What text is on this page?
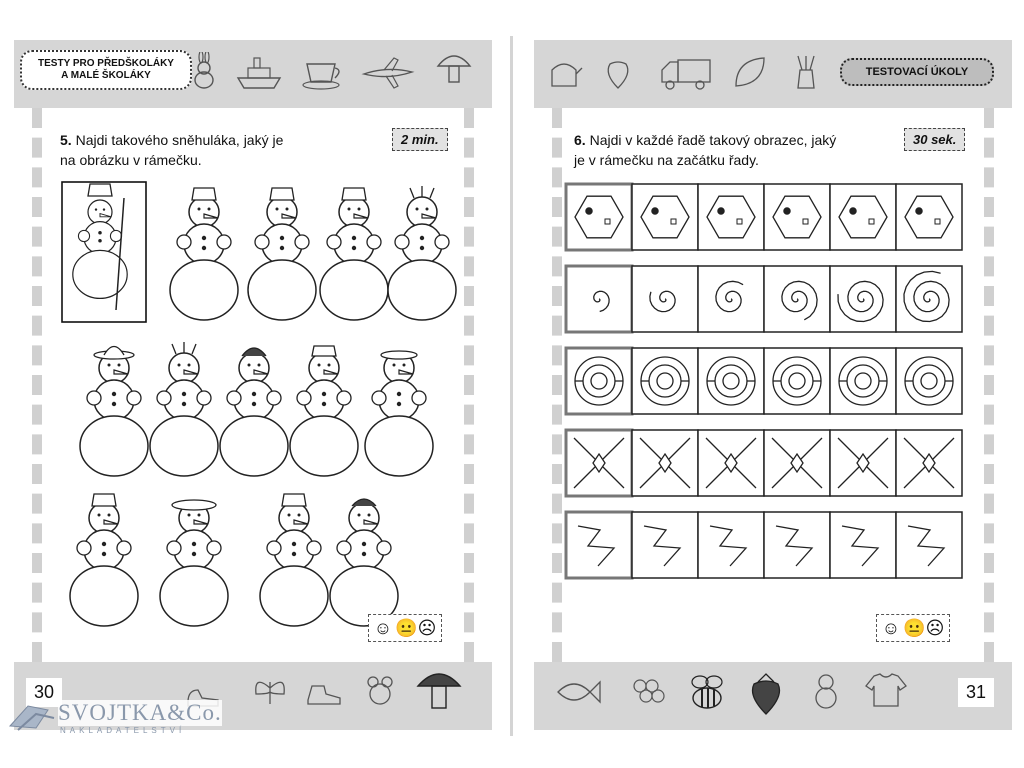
TESTY PRO PŘEDŠKOLÁKY
A MALÉ ŠKOLÁKY
5. Najdi takového sněhuláka, jaký je
na obrázku v rámečku.
2 min.
☺ 😐 ☹
30
TESTOVACÍ ÚKOLY
6. Najdi v každé řadě takový obrazec, jaký
je v rámečku na začátku řady.
30 sek.
☺ 😐 ☹
31
SVOJTKA&Co.
NAKLADATELSTVÍ
